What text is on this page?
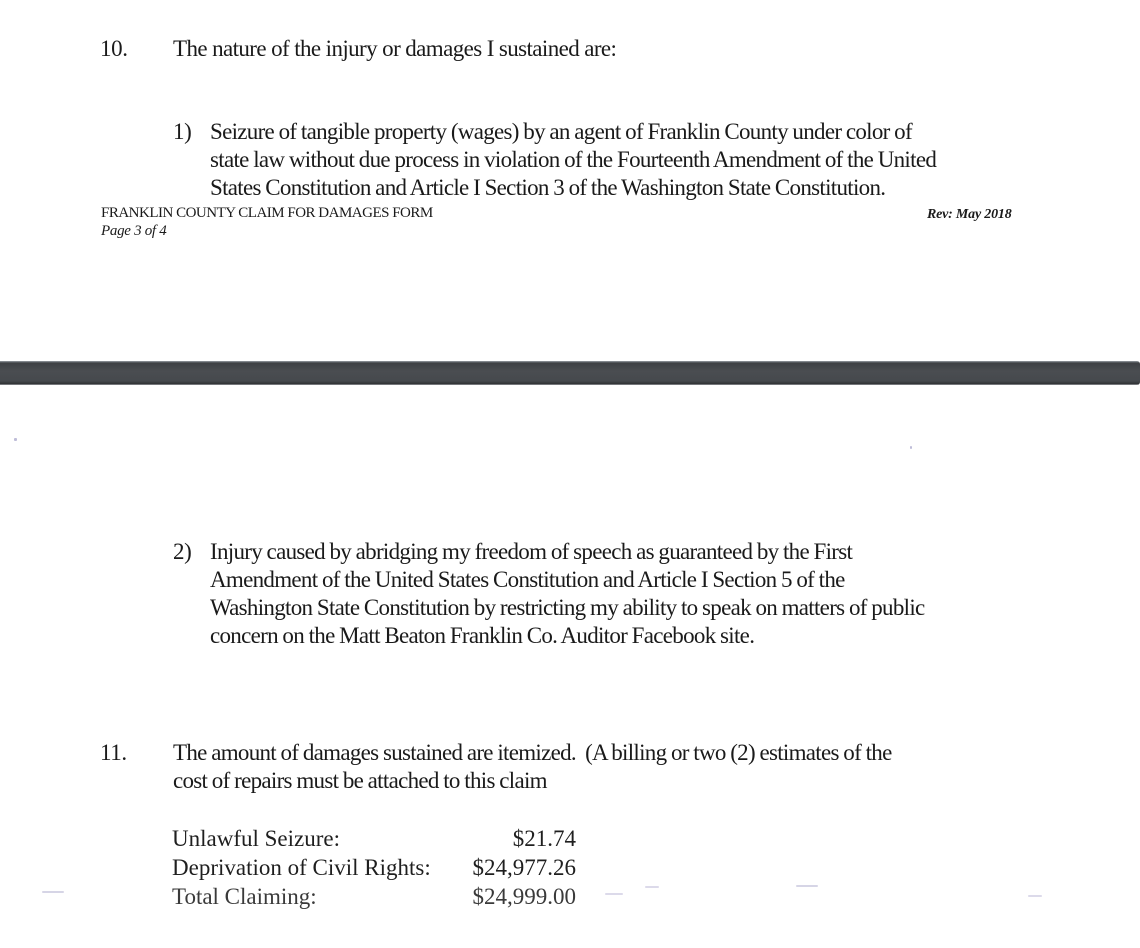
10. The nature of the injury or damages I sustained are:
1) Seizure of tangible property (wages) by an agent of Franklin County under color of
state law without due process in violation of the Fourteenth Amendment of the United
States Constitution and Article I Section 3 of the Washington State Constitution.
FRANKLIN COUNTY CLAIM FOR DAMAGES FORM
Page 3 of 4
Rev: May 2018
2) Injury caused by abridging my freedom of speech as guaranteed by the First
Amendment of the United States Constitution and Article I Section 5 of the
Washington State Constitution by restricting my ability to speak on matters of public
concern on the Matt Beaton Franklin Co. Auditor Facebook site.
11. The amount of damages sustained are itemized.  (A billing or two (2) estimates of the
cost of repairs must be attached to this claim
Unlawful Seizure:	$21.74
Deprivation of Civil Rights: $24,977.26
Total Claiming:	$24,999.00
